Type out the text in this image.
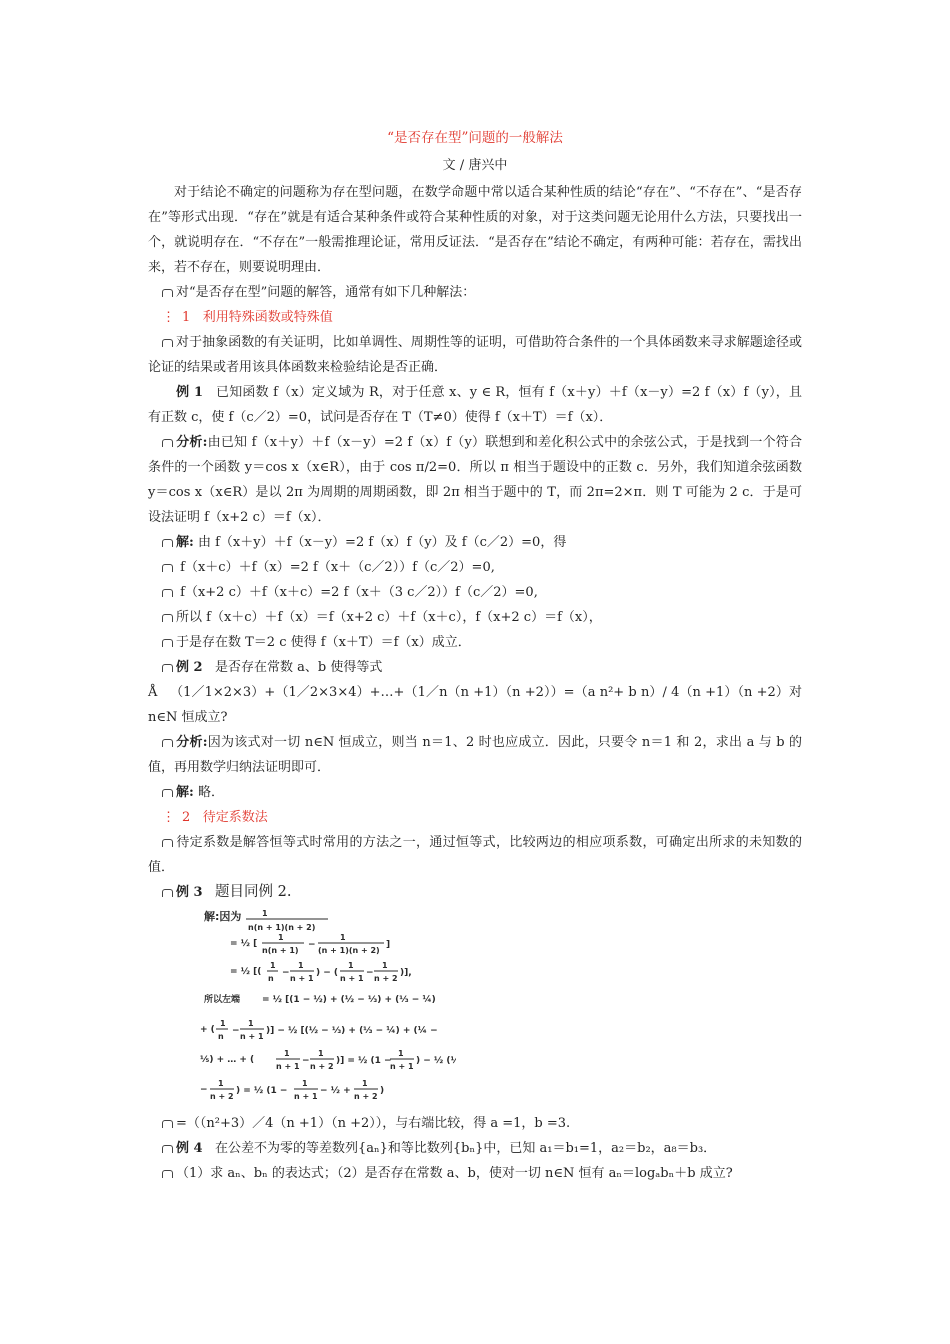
“是否存在型”问题的一般解法
文 / 唐兴中

对于结论不确定的问题称为存在型问题，在数学命题中常以适合某种性质的结论“存在”、“不存在”、“是否存在”等形式出现．“存在”就是有适合某种条件或符合某种性质的对象，对于这类问题无论用什么方法，只要找出一个，就说明存在．“不存在”一般需推理论证，常用反证法．“是否存在”结论不确定，有两种可能：若存在，需找出来，若不存在，则要说明理由．

对“是否存在型”问题的解答，通常有如下几种解法：

⋮ 1 利用特殊函数或特殊值

对于抽象函数的有关证明，比如单调性、周期性等的证明，可借助符合条件的一个具体函数来寻求解题途径或论证的结果或者用该具体函数来检验结论是否正确．

例 1 已知函数 f（x）定义域为 R，对于任意 x、y ∈ R，恒有 f（x＋y）＋f（x－y）=2 f（x）f（y），且有正数 c，使 f（c／2）=0，试问是否存在 T（T≠0）使得 f（x＋T）＝f（x）．

分析:由已知 f（x＋y）＋f（x－y）=2 f（x）f（y）联想到和差化积公式中的余弦公式，于是找到一个符合条件的一个函数 y＝cos x（x∈R），由于 cos π/2=0．所以 π 相当于题设中的正数 c．另外，我们知道余弦函数 y＝cos x（x∈R）是以 2π 为周期的周期函数，即 2π 相当于题中的 T，而 2π=2×π．则 T 可能为 2 c．于是可设法证明 f（x+2 c）＝f（x）．

解: 由 f（x＋y）＋f（x－y）=2 f（x）f（y）及 f（c／2）=0，得

f（x＋c）＋f（x）=2 f（x＋（c／2））f（c／2）=0,

f（x+2 c）＋f（x＋c）=2 f（x＋（3 c／2））f（c／2）=0,

所以 f（x＋c）＋f（x）＝f（x+2 c）＋f（x＋c），f（x+2 c）＝f（x），

于是存在数 T＝2 c 使得 f（x＋T）＝f（x）成立．

例 2 是否存在常数 a、b 使得等式

Å （1／1×2×3）+（1／2×3×4）+…+（1／n（n +1）（n +2））=（a n²+ b n）/ 4（n +1）（n +2）对 n∈N 恒成立?

分析:因为该式对一切 n∈N 恒成立，则当 n＝1、2 时也应成立．因此，只要令 n＝1 和 2，求出 a 与 b 的值，再用数学归纳法证明即可．

解: 略．

⋮ 2 待定系数法

待定系数是解答恒等式时常用的方法之一，通过恒等式，比较两边的相应项系数，可确定出所求的未知数的值．

例 3 题目同例 2.

=（（n²+3）／4（n +1）（n +2）），与右端比较，得 a =1，b =3.

例 4 在公差不为零的等差数列{aₙ}和等比数列{bₙ}中，已知 a₁＝b₁=1，a₂＝b₂，a₈＝b₃．

（1）求 aₙ、bₙ 的表达式；（2）是否存在常数 a、b，使对一切 n∈N 恒有 aₙ＝logₐbₙ＋b 成立?

解:因为	1
n(n + 1)(n + 2)
= ½ [
1
n(n + 1)
−
1
(n + 1)(n + 2)
]
= ½ [(
1
n
−
1
n + 1
) − (
1
n + 1
−
1
n + 2
)],
所以左端 = ½ [(1 − ½) + (½ − ⅓) + (⅓ − ¼)
+ (
1
n
−
1
n + 1
)] − ½ [(½ − ⅓) + (⅓ − ¼) + (¼ −
⅕) + … + (
1
n + 1
−
1
n + 2
)] = ½ (1 −
1
n + 1
) − ½ (½
−
1
n + 2
) = ½ (1 −
1
n + 1
− ½ +
1
n + 2
)
